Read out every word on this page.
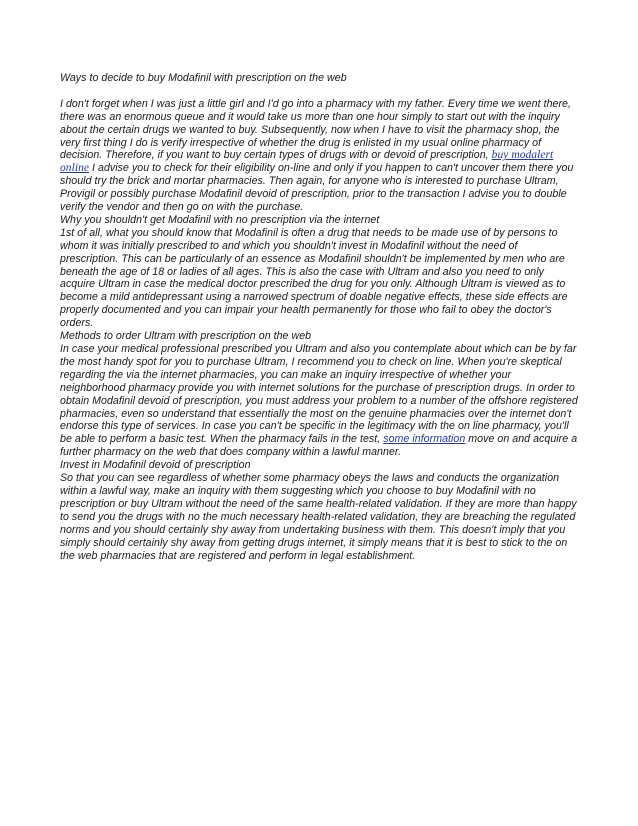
Ways to decide to buy Modafinil with prescription on the web

I don't forget when I was just a little girl and I'd go into a pharmacy with my father. Every time we went there, there was an enormous queue and it would take us more than one hour simply to start out with the inquiry about the certain drugs we wanted to buy. Subsequently, now when I have to visit the pharmacy shop, the very first thing I do is verify irrespective of whether the drug is enlisted in my usual online pharmacy of decision. Therefore, if you want to buy certain types of drugs with or devoid of prescription, buy modalert online I advise you to check for their eligibility on-line and only if you happen to can't uncover them there you should try the brick and mortar pharmacies. Then again, for anyone who is interested to purchase Ultram, Provigil or possibly purchase Modafinil devoid of prescription, prior to the transaction I advise you to double verify the vendor and then go on with the purchase.

Why you shouldn't get Modafinil with no prescription via the internet

1st of all, what you should know that Modafinil is often a drug that needs to be made use of by persons to whom it was initially prescribed to and which you shouldn't invest in Modafinil without the need of prescription. This can be particularly of an essence as Modafinil shouldn't be implemented by men who are beneath the age of 18 or ladies of all ages. This is also the case with Ultram and also you need to only acquire Ultram in case the medical doctor prescribed the drug for you only. Although Ultram is viewed as to become a mild antidepressant using a narrowed spectrum of doable negative effects, these side effects are properly documented and you can impair your health permanently for those who fail to obey the doctor's orders.

Methods to order Ultram with prescription on the web

In case your medical professional prescribed you Ultram and also you contemplate about which can be by far the most handy spot for you to purchase Ultram, I recommend you to check on line. When you're skeptical regarding the via the internet pharmacies, you can make an inquiry irrespective of whether your neighborhood pharmacy provide you with internet solutions for the purchase of prescription drugs. In order to obtain Modafinil devoid of prescription, you must address your problem to a number of the offshore registered pharmacies, even so understand that essentially the most on the genuine pharmacies over the internet don't endorse this type of services. In case you can't be specific in the legitimacy with the on line pharmacy, you'll be able to perform a basic test. When the pharmacy fails in the test, some information move on and acquire a further pharmacy on the web that does company within a lawful manner.

Invest in Modafinil devoid of prescription

So that you can see regardless of whether some pharmacy obeys the laws and conducts the organization within a lawful way, make an inquiry with them suggesting which you choose to buy Modafinil with no prescription or buy Ultram without the need of the same health-related validation. If they are more than happy to send you the drugs with no the much necessary health-related validation, they are breaching the regulated norms and you should certainly shy away from undertaking business with them. This doesn't imply that you simply should certainly shy away from getting drugs internet, it simply means that it is best to stick to the on the web pharmacies that are registered and perform in legal establishment.
